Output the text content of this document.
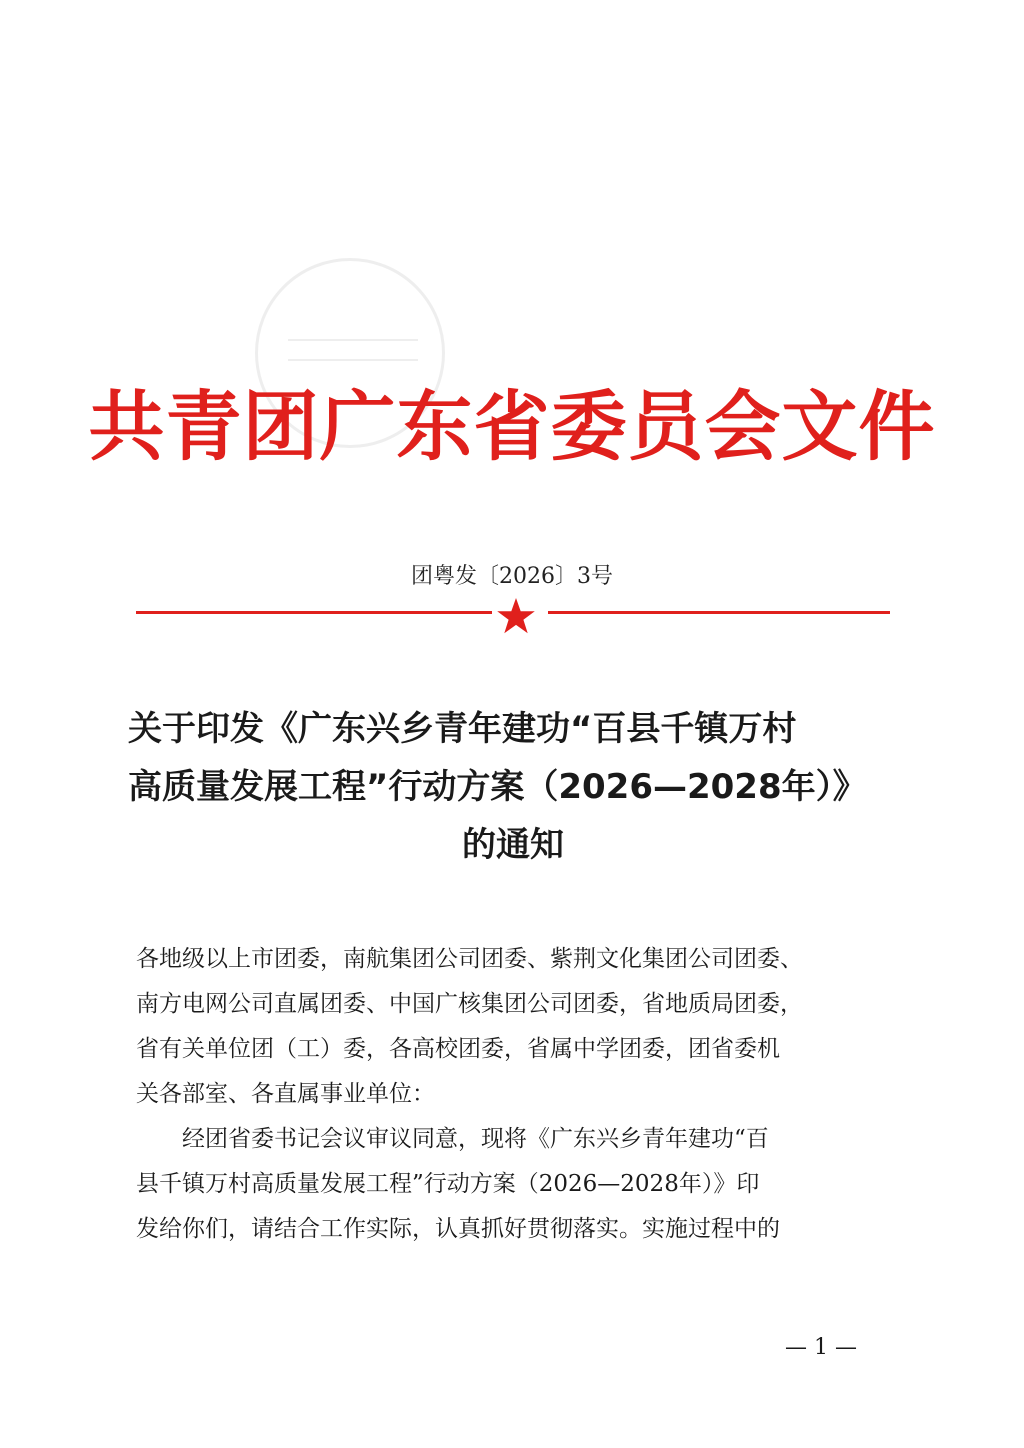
共青团广东省委员会文件
团粤发〔2026〕3号
关于印发《广东兴乡青年建功“百县千镇万村
高质量发展工程”行动方案（2026—2028年）》
的通知
各地级以上市团委，南航集团公司团委、紫荆文化集团公司团委、
南方电网公司直属团委、中国广核集团公司团委，省地质局团委，
省有关单位团（工）委，各高校团委，省属中学团委，团省委机
关各部室、各直属事业单位：
经团省委书记会议审议同意，现将《广东兴乡青年建功“百
县千镇万村高质量发展工程”行动方案（2026—2028年）》印
发给你们，请结合工作实际，认真抓好贯彻落实。实施过程中的
— 1 —
